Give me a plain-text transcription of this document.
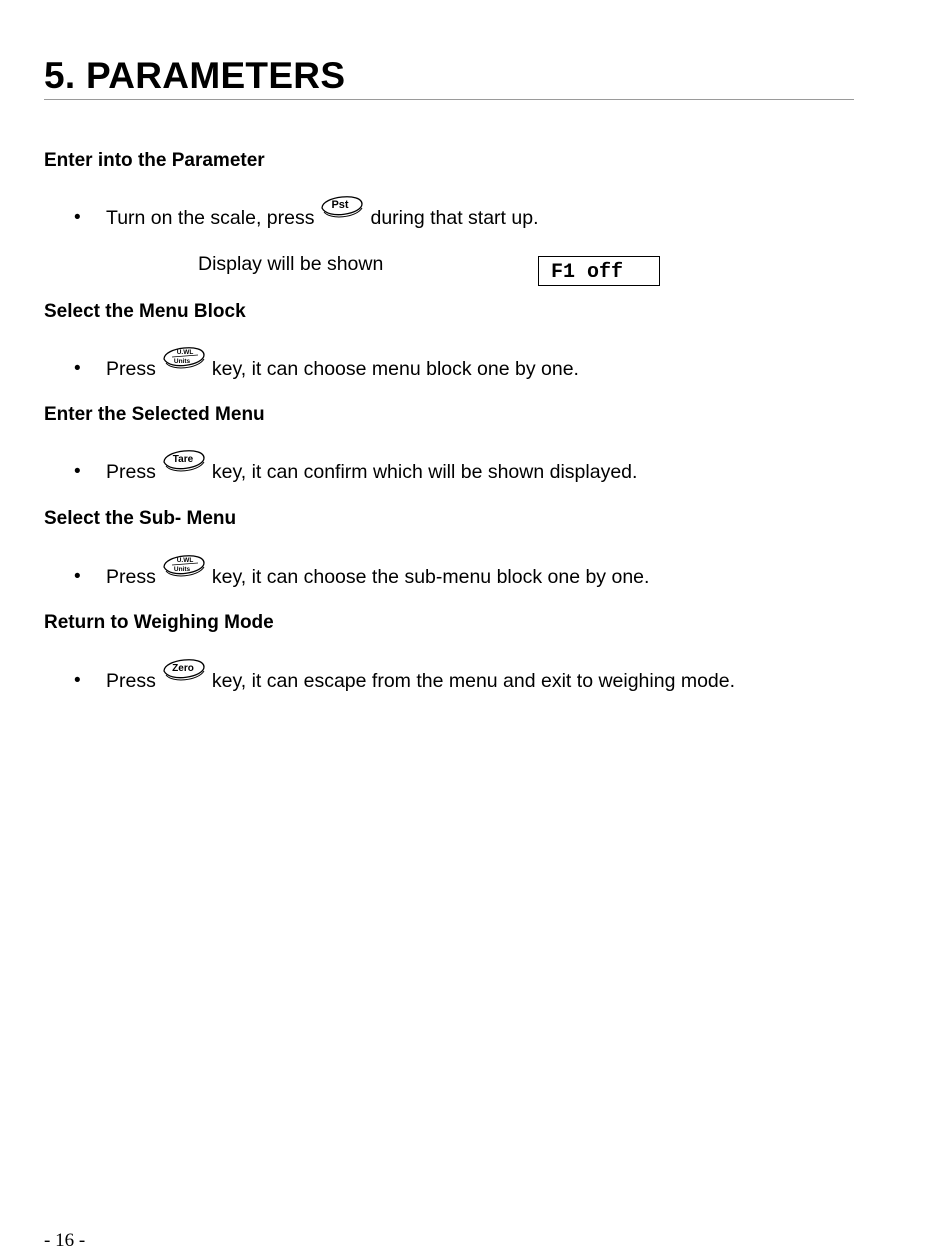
5. PARAMETERS
Enter into the Parameter
• Turn on the scale, press
Pst
during that start up.
Display will be shown	F1 off
Select the Menu Block
• Press
U.WL
Units key, it can choose menu block one by one.
Enter the Selected Menu
• Press
Tare
key, it can confirm which will be shown displayed.
Select the Sub- Menu
• Press
U.WL
Units key, it can choose the sub-menu block one by one.
Return to Weighing Mode
• Press
Zero
key, it can escape from the menu and exit to weighing mode.
- 16 -
